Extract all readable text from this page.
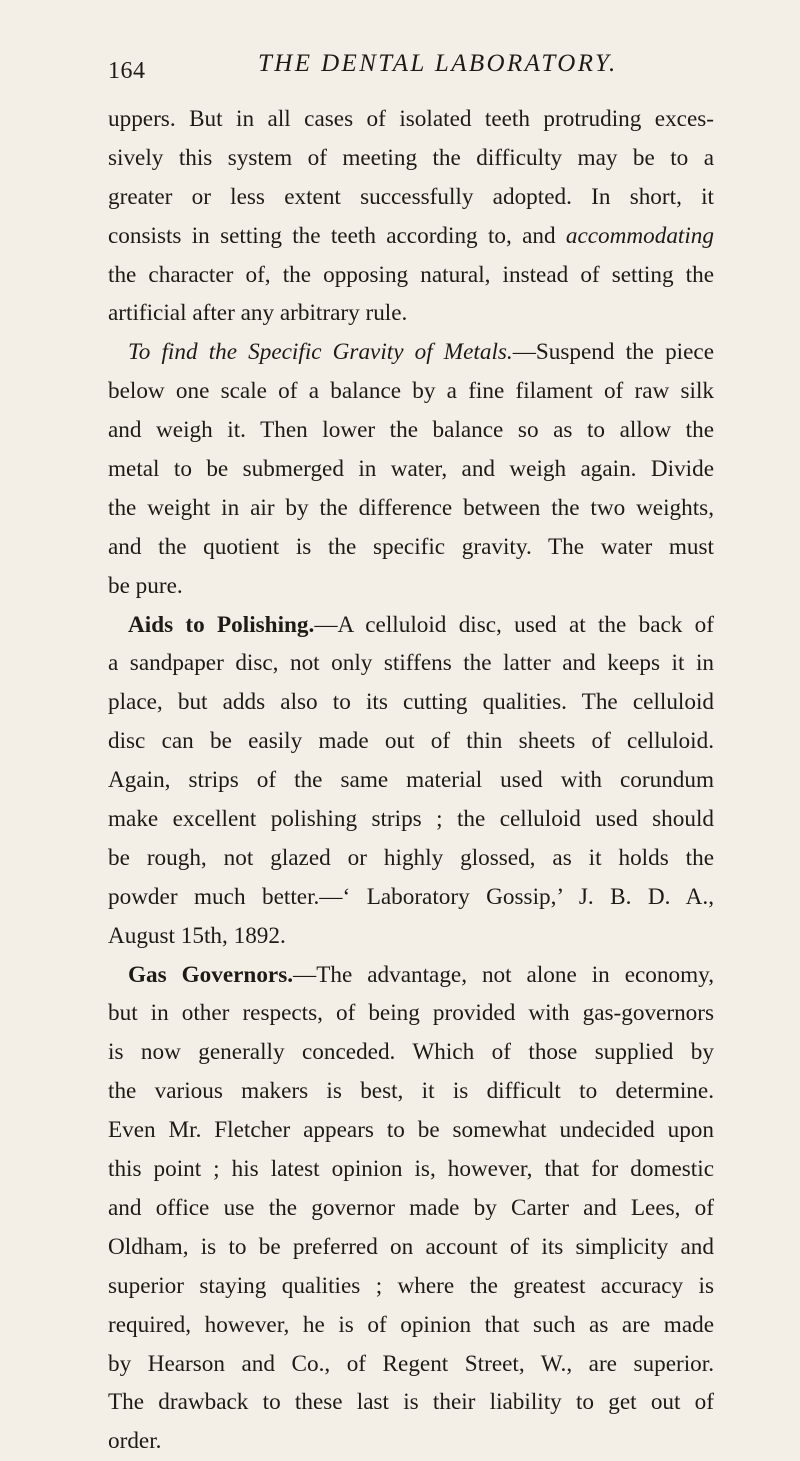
164	THE DENTAL LABORATORY.
uppers. But in all cases of isolated teeth protruding exces-
sively this system of meeting the difficulty may be to a
greater or less extent successfully adopted. In short, it
consists in setting the teeth according to, and accommodating
the character of, the opposing natural, instead of setting the
artificial after any arbitrary rule.
To find the Specific Gravity of Metals.—Suspend the piece
below one scale of a balance by a fine filament of raw silk
and weigh it. Then lower the balance so as to allow the
metal to be submerged in water, and weigh again. Divide
the weight in air by the difference between the two weights,
and the quotient is the specific gravity. The water must
be pure.
Aids to Polishing.—A celluloid disc, used at the back of
a sandpaper disc, not only stiffens the latter and keeps it in
place, but adds also to its cutting qualities. The celluloid
disc can be easily made out of thin sheets of celluloid.
Again, strips of the same material used with corundum
make excellent polishing strips ; the celluloid used should
be rough, not glazed or highly glossed, as it holds the
powder much better.—‘ Laboratory Gossip,’ J. B. D. A.,
August 15th, 1892.
Gas Governors.—The advantage, not alone in economy,
but in other respects, of being provided with gas-governors
is now generally conceded. Which of those supplied by
the various makers is best, it is difficult to determine.
Even Mr. Fletcher appears to be somewhat undecided upon
this point ; his latest opinion is, however, that for domestic
and office use the governor made by Carter and Lees, of
Oldham, is to be preferred on account of its simplicity and
superior staying qualities ; where the greatest accuracy is
required, however, he is of opinion that such as are made
by Hearson and Co., of Regent Street, W., are superior.
The drawback to these last is their liability to get out of
order.
